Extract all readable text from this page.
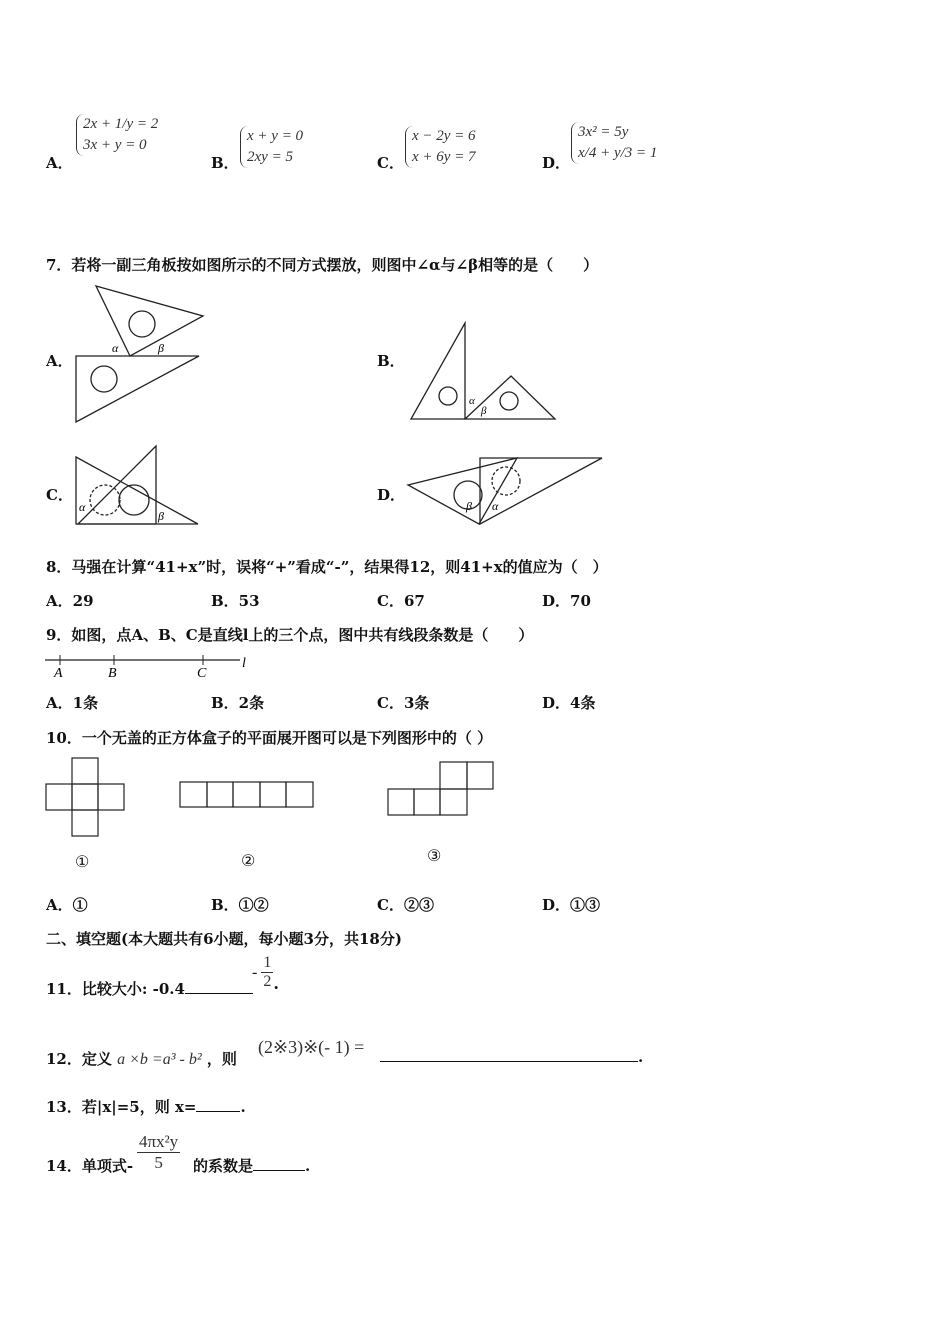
A．
2x + 1/y = 2
3x + y = 0
B．
x + y = 0
2xy = 5	C．
x − 2y = 6
x + 6y = 7	D．
3x² = 5y
x/4 + y/3 = 1
7．若将一副三角板按如图所示的不同方式摆放，则图中∠α与∠β相等的是（　　）
A．
α	β
B．
α
β
C．
α
β
D．
β α
8．马强在计算“41+x”时，误将“+”看成“-”，结果得12，则41+x的值应为（　）
A．29	B．53	C．67	D．70
9．如图，点A、B、C是直线l上的三个点，图中共有线段条数是（　　）
A	B	C
l
A．1条	B．2条	C．3条	D．4条
10．一个无盖的正方体盒子的平面展开图可以是下列图形中的（ ）
①	②	③
A．①	B．①②	C．②③	D．①③
二、填空题(本大题共有6小题，每小题3分，共18分)
11．比较大小: -0.4
- $\frac{1}{2}$ .
12．定义 a ×b =a³ - b² ，则
(2※3)※(- 1) =	.
13．若|x|=5，则 x=	.
14．单项式- $\frac{\text{4πx²y}}{5}$ 的系数是	.
